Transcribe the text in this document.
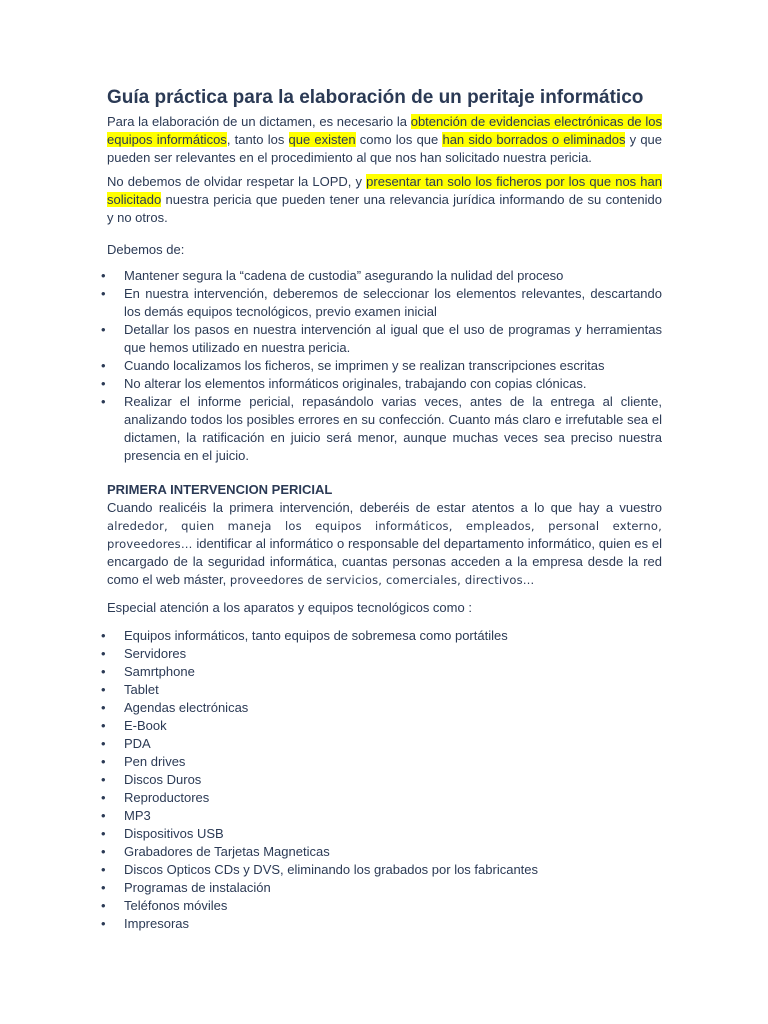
Guía práctica para la elaboración de un peritaje informático

Para la elaboración de un dictamen, es necesario la obtención de evidencias electrónicas de los equipos informáticos, tanto los que existen como los que han sido borrados o eliminados y que pueden ser relevantes en el procedimiento al que nos han solicitado nuestra pericia.

No debemos de olvidar respetar la LOPD, y presentar tan solo los ficheros por los que nos han solicitado nuestra pericia que pueden tener una relevancia jurídica informando de su contenido y no otros.

Debemos de:

• Mantener segura la “cadena de custodia” asegurando la nulidad del proceso
• En nuestra intervención, deberemos de seleccionar los elementos relevantes, descartando los demás equipos tecnológicos, previo examen inicial
• Detallar los pasos en nuestra intervención al igual que el uso de programas y herramientas que hemos utilizado en nuestra pericia.
• Cuando localizamos los ficheros, se imprimen y se realizan transcripciones escritas
• No alterar los elementos informáticos originales, trabajando con copias clónicas.
• Realizar el informe pericial, repasándolo varias veces, antes de la entrega al cliente, analizando todos los posibles errores en su confección. Cuanto más claro e irrefutable sea el dictamen, la ratificación en juicio será menor, aunque muchas veces sea preciso nuestra presencia en el juicio.
PRIMERA INTERVENCION PERICIAL

Cuando realicéis la primera intervención, deberéis de estar atentos a lo que hay a vuestro alrededor, quien maneja los equipos informáticos, empleados, personal externo, proveedores… identificar al informático o responsable del departamento informático, quien es el encargado de la seguridad informática, cuantas personas acceden a la empresa desde la red como el web máster, proveedores de servicios, comerciales, directivos…

Especial atención a los aparatos y equipos tecnológicos como :

• Equipos informáticos, tanto equipos de sobremesa como portátiles
• Servidores
• Samrtphone
• Tablet
• Agendas electrónicas
• E-Book
• PDA
• Pen drives
• Discos Duros
• Reproductores
• MP3
• Dispositivos USB
• Grabadores de Tarjetas Magneticas
• Discos Opticos CDs y DVS, eliminando los grabados por los fabricantes
• Programas de instalación
• Teléfonos móviles
• Impresoras
